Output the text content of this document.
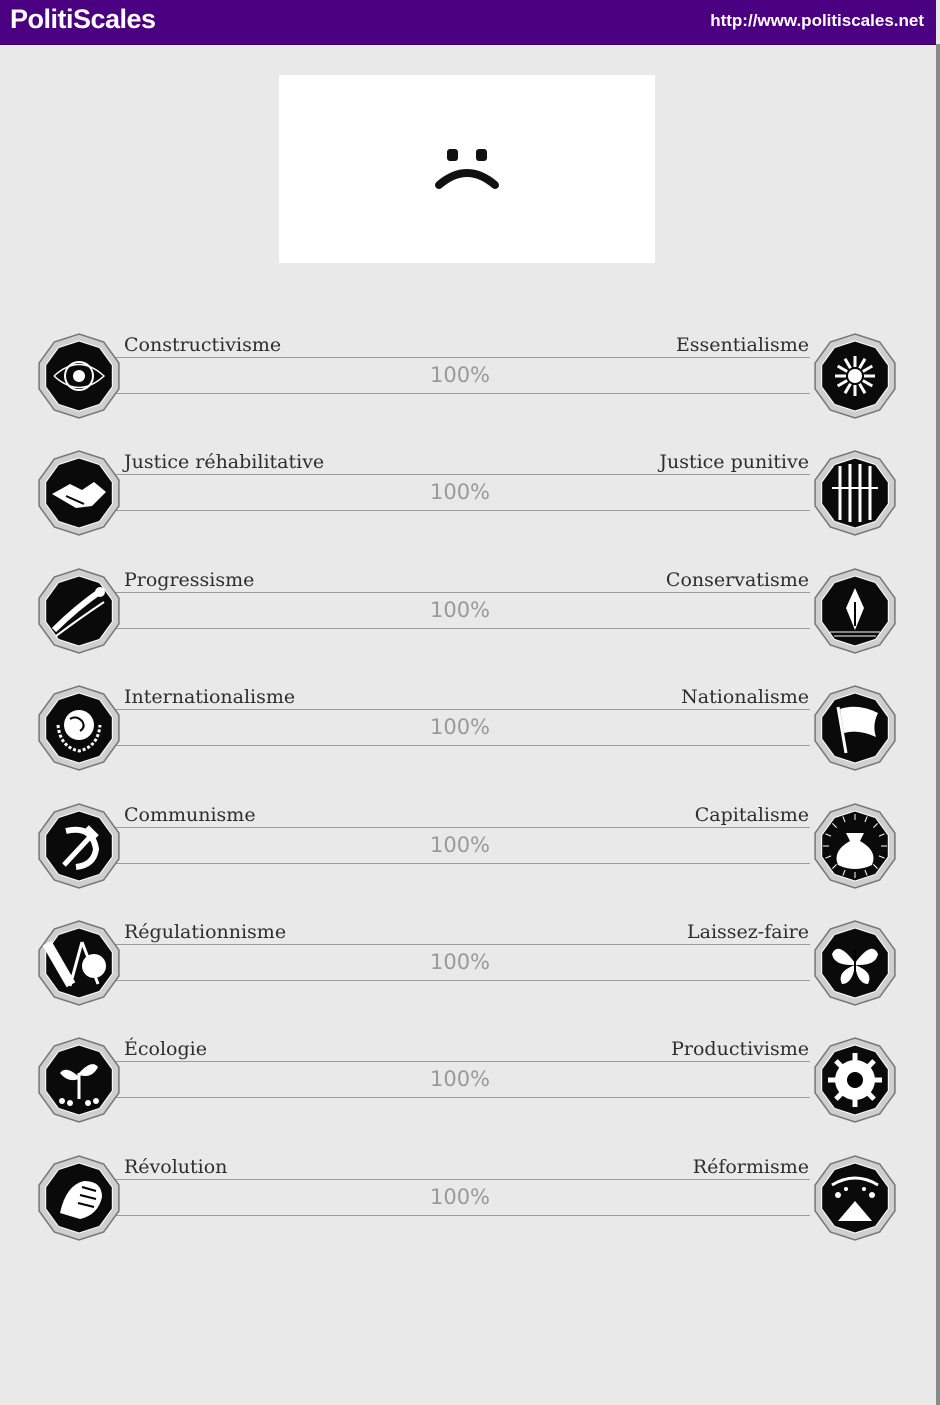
PolitiScales	http://www.politiscales.net
100%
Constructivisme	Essentialisme
100%
Justice réhabilitative	Justice punitive
100%
Progressisme	Conservatisme
100%
Internationalisme	Nationalisme
100%
Communisme	Capitalisme
100%
Régulationnisme	Laissez-faire
100%
Écologie	Productivisme
100%
Révolution	Réformisme
